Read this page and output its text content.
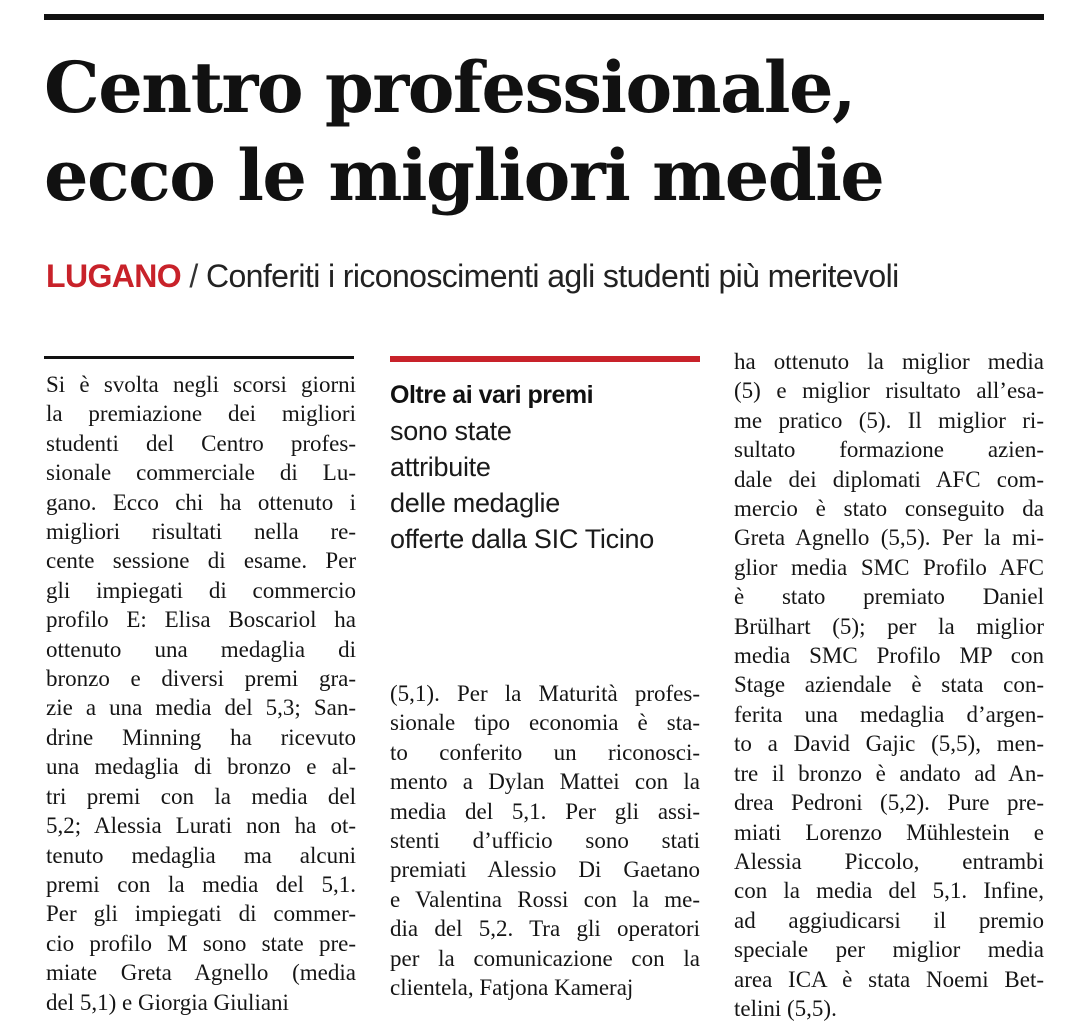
Centro professionale,
ecco le migliori medie
LUGANO / Conferiti i riconoscimenti agli studenti più meritevoli
Oltre ai vari premi
sono state
attribuite
delle medaglie
offerte dalla SIC Ticino
Si è svolta negli scorsi giorni
la premiazione dei migliori
studenti del Centro profes-
sionale commerciale di Lu-
gano. Ecco chi ha ottenuto i
migliori risultati nella re-
cente sessione di esame. Per
gli impiegati di commercio
profilo E: Elisa Boscariol ha
ottenuto una medaglia di
bronzo e diversi premi gra-
zie a una media del 5,3; San-
drine Minning ha ricevuto
una medaglia di bronzo e al-
tri premi con la media del
5,2; Alessia Lurati non ha ot-
tenuto medaglia ma alcuni
premi con la media del 5,1.
Per gli impiegati di commer-
cio profilo M sono state pre-
miate Greta Agnello (media
del 5,1) e Giorgia Giuliani
(5,1). Per la Maturità profes-
sionale tipo economia è sta-
to conferito un riconosci-
mento a Dylan Mattei con la
media del 5,1. Per gli assi-
stenti d’ufficio sono stati
premiati Alessio Di Gaetano
e Valentina Rossi con la me-
dia del 5,2. Tra gli operatori
per la comunicazione con la
clientela, Fatjona Kameraj
ha ottenuto la miglior media
(5) e miglior risultato all’esa-
me pratico (5). Il miglior ri-
sultato formazione azien-
dale dei diplomati AFC com-
mercio è stato conseguito da
Greta Agnello (5,5). Per la mi-
glior media SMC Profilo AFC
è stato premiato Daniel
Brülhart (5); per la miglior
media SMC Profilo MP con
Stage aziendale è stata con-
ferita una medaglia d’argen-
to a David Gajic (5,5), men-
tre il bronzo è andato ad An-
drea Pedroni (5,2). Pure pre-
miati Lorenzo Mühlestein e
Alessia Piccolo, entrambi
con la media del 5,1. Infine,
ad aggiudicarsi il premio
speciale per miglior media
area ICA è stata Noemi Bet-
telini (5,5).
